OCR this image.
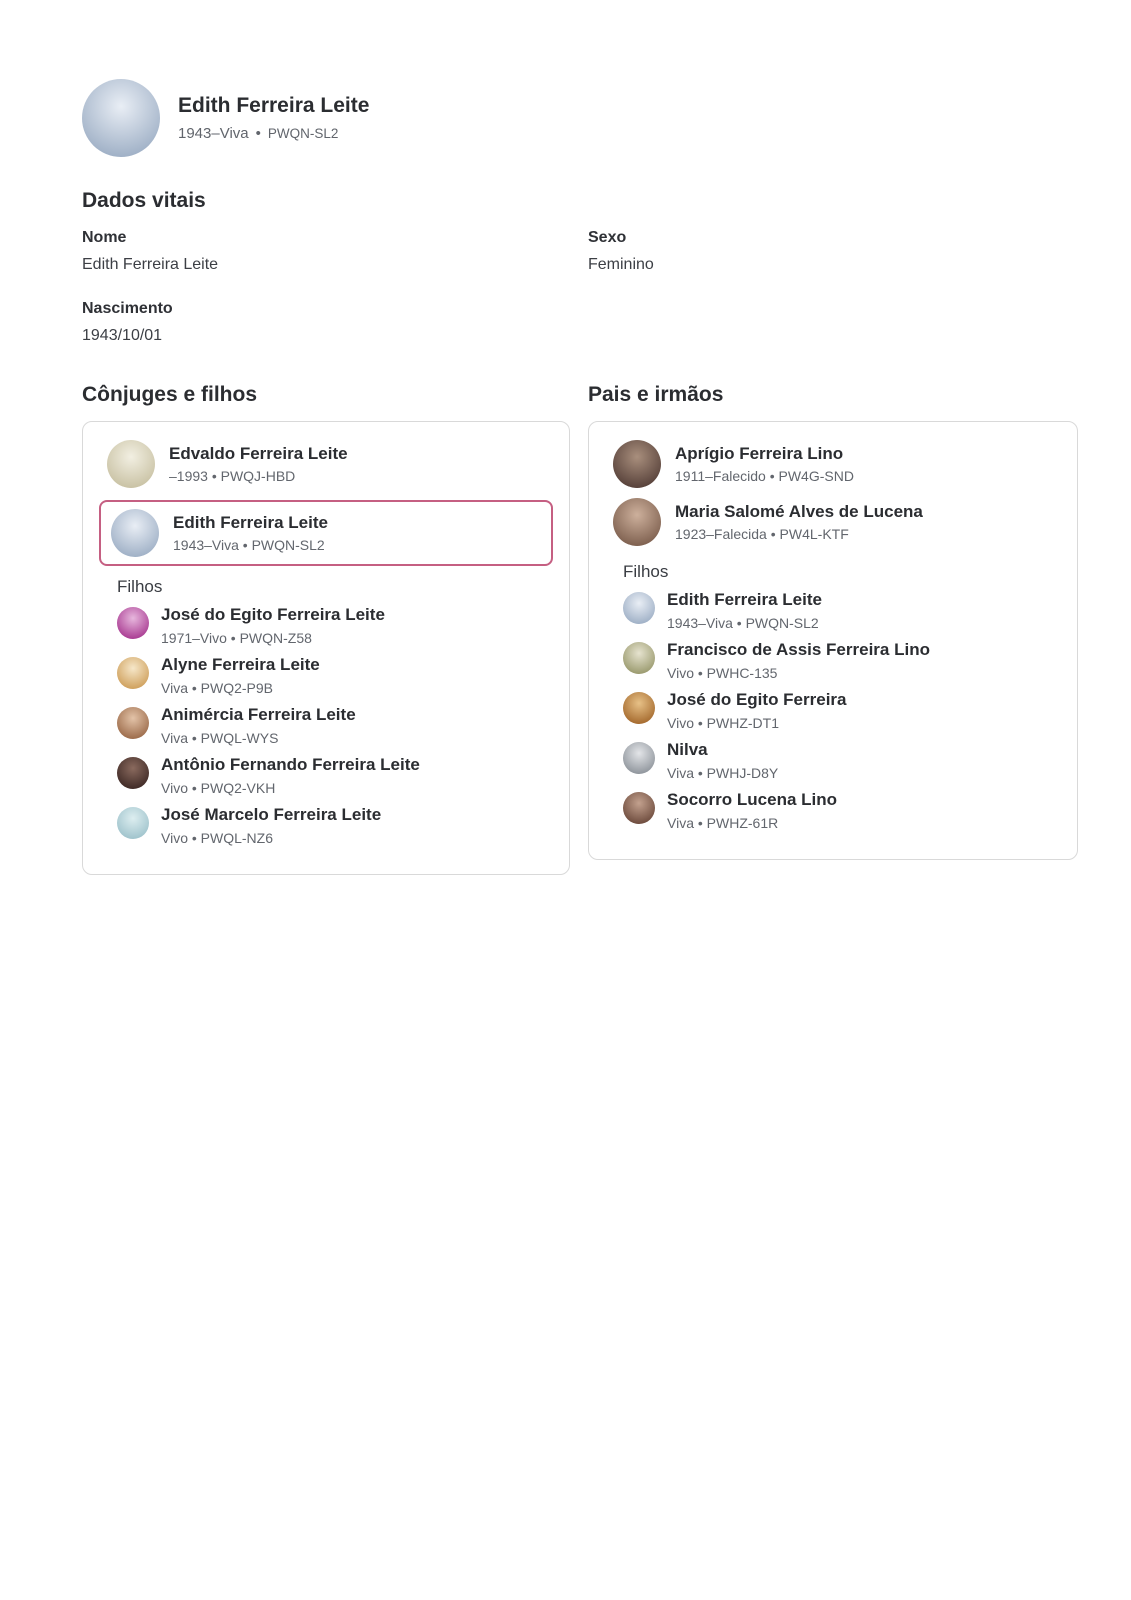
Edith Ferreira Leite
1943–Viva • PWQN-SL2
Dados vitais
Nome
Edith Ferreira Leite
Sexo
Feminino
Nascimento
1943/10/01
Cônjuges e filhos
Edvaldo Ferreira Leite
–1993 • PWQJ-HBD
Edith Ferreira Leite
1943–Viva • PWQN-SL2
Filhos
José do Egito Ferreira Leite
1971–Vivo • PWQN-Z58
Alyne Ferreira Leite
Viva • PWQ2-P9B
Animércia Ferreira Leite
Viva • PWQL-WYS
Antônio Fernando Ferreira Leite
Vivo • PWQ2-VKH
José Marcelo Ferreira Leite
Vivo • PWQL-NZ6
Pais e irmãos
Aprígio Ferreira Lino
1911–Falecido • PW4G-SND
Maria Salomé Alves de Lucena
1923–Falecida • PW4L-KTF
Filhos
Edith Ferreira Leite
1943–Viva • PWQN-SL2
Francisco de Assis Ferreira Lino
Vivo • PWHC-135
José do Egito Ferreira
Vivo • PWHZ-DT1
Nilva
Viva • PWHJ-D8Y
Socorro Lucena Lino
Viva • PWHZ-61R
